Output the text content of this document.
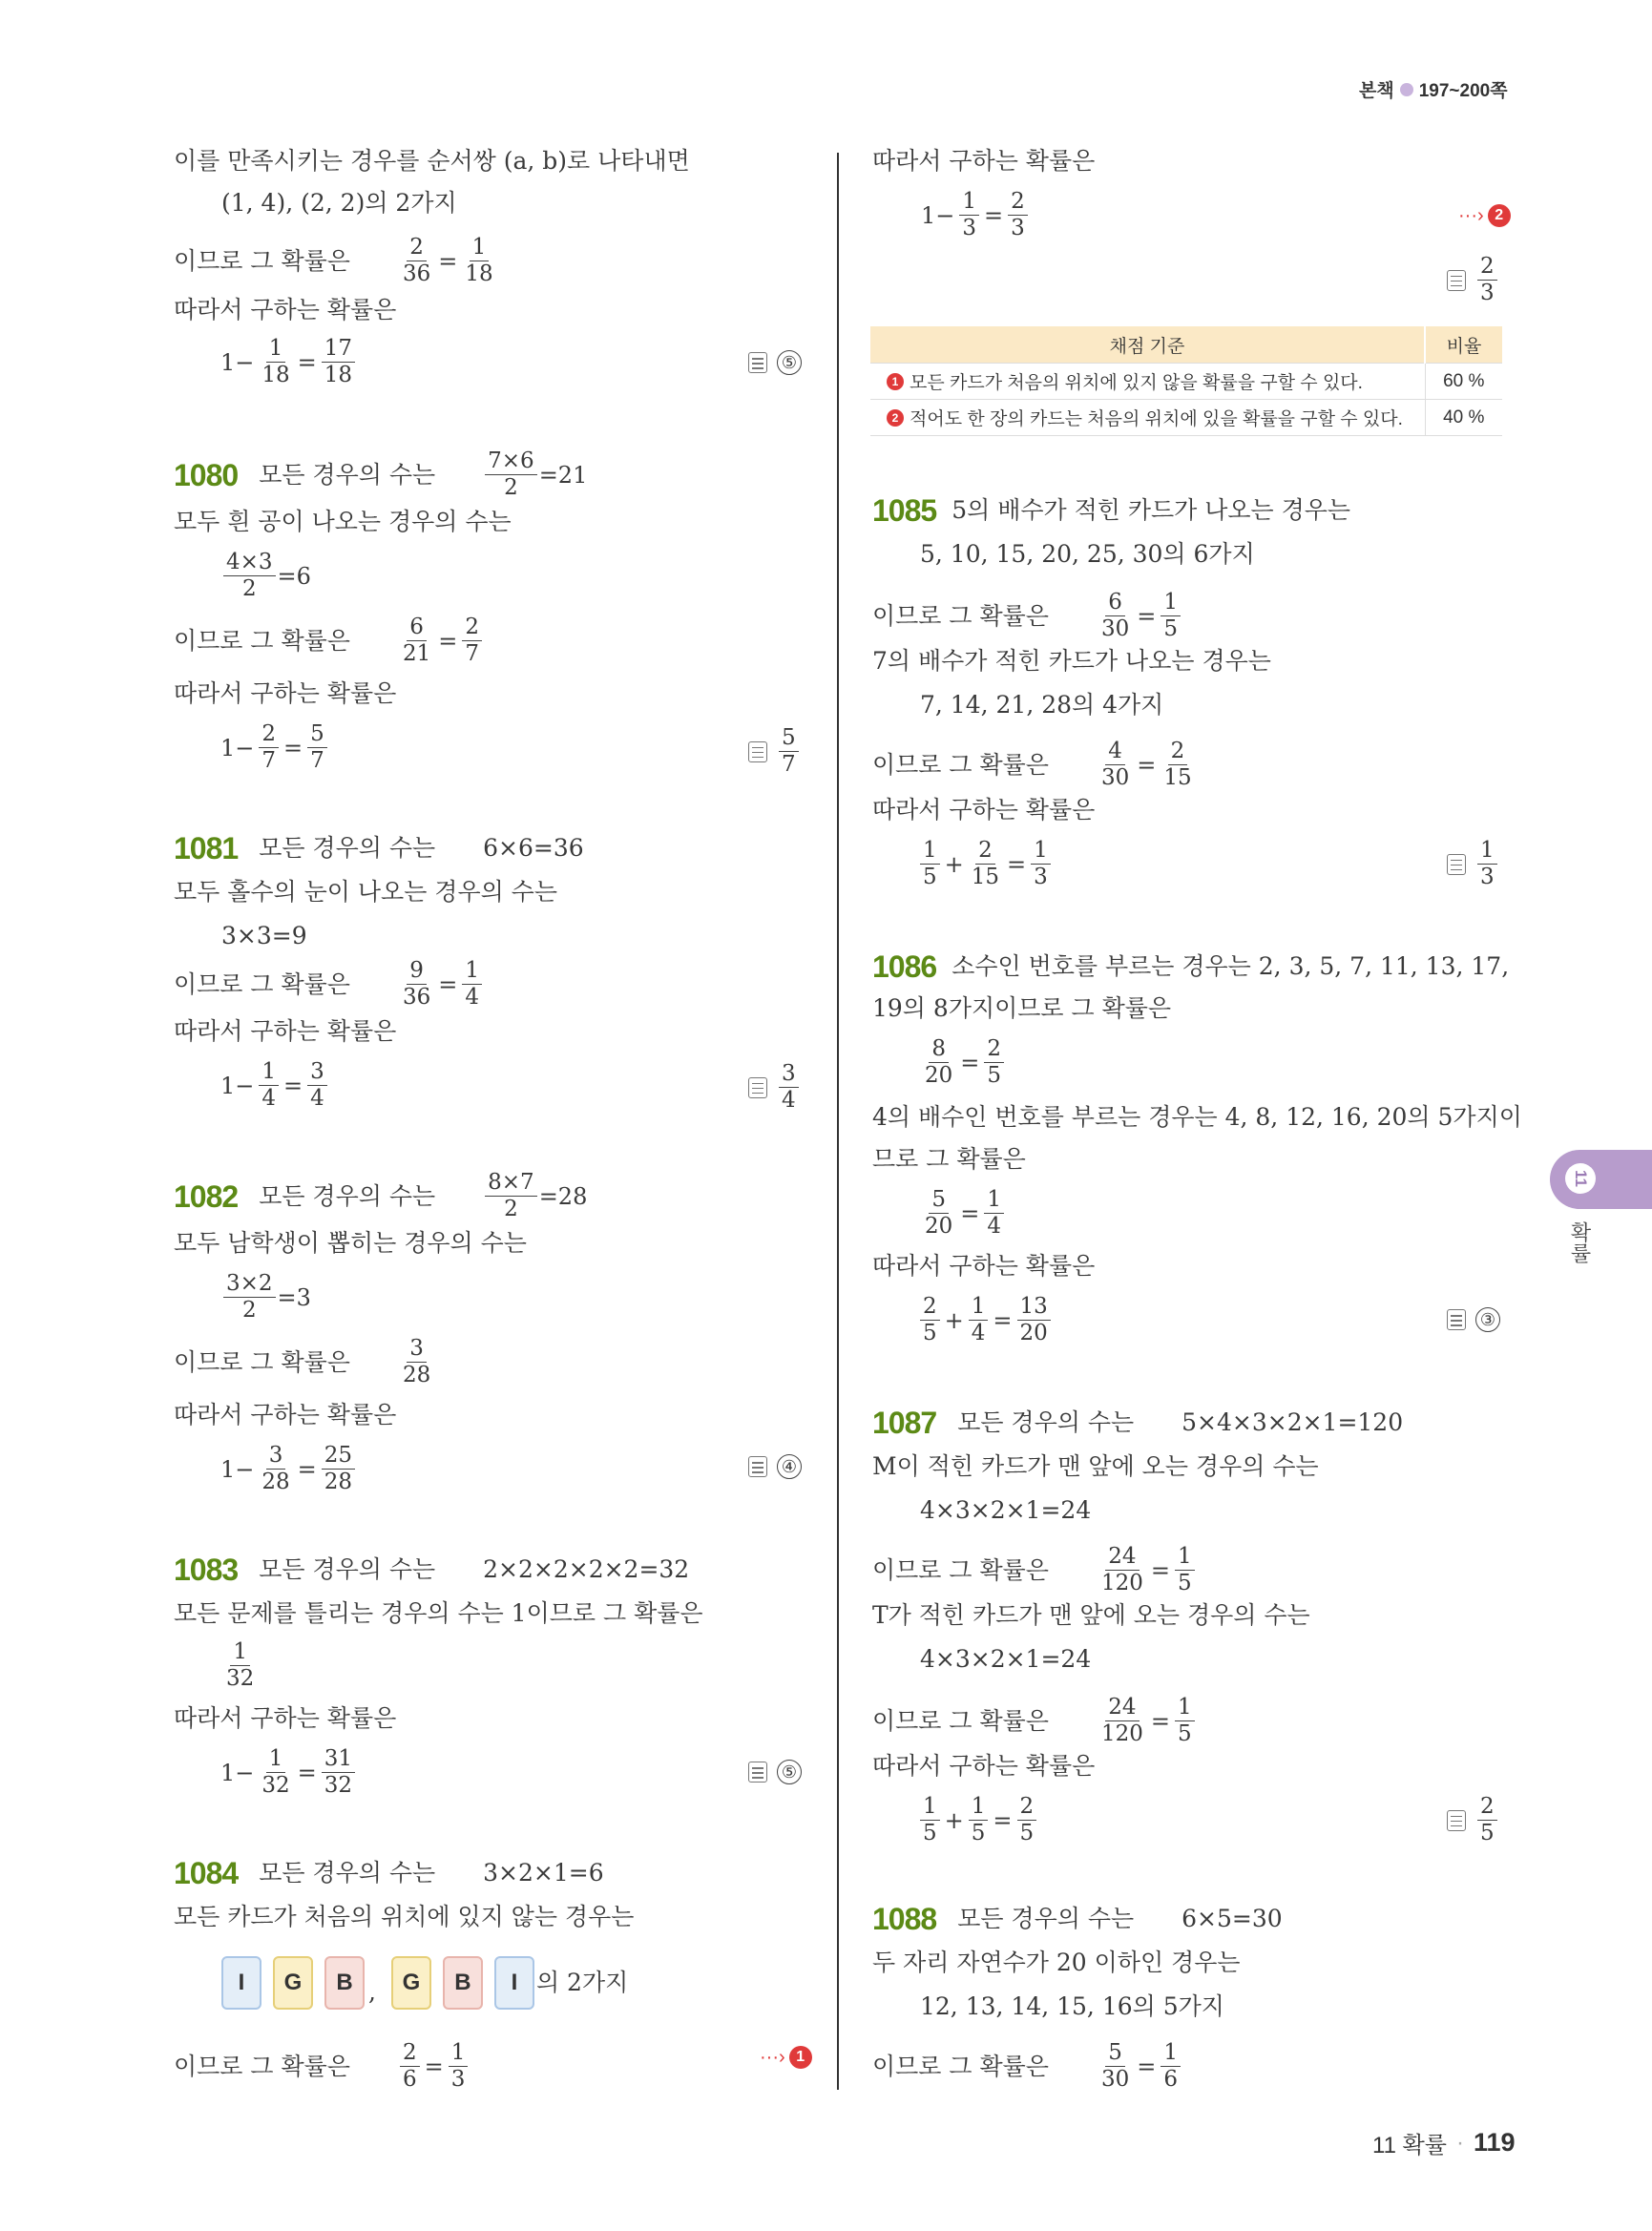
본책 197~200쪽
이를 만족시키는 경우를 순서쌍 (a, b)로 나타내면
(1, 4), (2, 2)의 2가지
이므로 그 확률은 $\frac{2}{36} = \frac{1}{18}$
따라서 구하는 확률은
$1- \frac{1}{18} = \frac{17}{18}$	⑤
1080 모든 경우의 수는 $\frac{7\times 6}{2} =21$
모두 흰 공이 나오는 경우의 수는
$\frac{4\times 3}{2} =6$
이므로 그 확률은 $\frac{6}{21} = \frac{2}{7}$
따라서 구하는 확률은
$1- \frac{2}{7} = \frac{5}{7}$	$\frac{5}{7}$
1081 모든 경우의 수는 6×6=36
모두 홀수의 눈이 나오는 경우의 수는
3×3=9
이므로 그 확률은 $\frac{9}{36} = \frac{1}{4}$
따라서 구하는 확률은
$1- \frac{1}{4} = \frac{3}{4}$	$\frac{3}{4}$
1082 모든 경우의 수는 $\frac{8\times 7}{2} =28$
모두 남학생이 뽑히는 경우의 수는
$\frac{3\times 2}{2} =3$
이므로 그 확률은 $\frac{3}{28}$
따라서 구하는 확률은
$1- \frac{3}{28} = \frac{25}{28}$	④
1083 모든 경우의 수는 2×2×2×2×2=32
모든 문제를 틀리는 경우의 수는 1이므로 그 확률은
$\frac{1}{32}$
따라서 구하는 확률은
$1- \frac{1}{32} = \frac{31}{32}$	⑤
1084 모든 경우의 수는 3×2×1=6
모든 카드가 처음의 위치에 있지 않는 경우는
I	G	B ,	G	B	I 의 2가지
이므로 그 확률은 $\frac{2}{6} = \frac{1}{3}$	···› 1
따라서 구하는 확률은
$1- \frac{1}{3} = \frac{2}{3}$	···› 2
$\frac{2}{3}$
채점 기준	비율

1 모든 카드가 처음의 위치에 있지 않을 확률을 구할 수 있다.	60 %

2 적어도 한 장의 카드는 처음의 위치에 있을 확률을 구할 수 있다.	40 %
1085 5의 배수가 적힌 카드가 나오는 경우는
5, 10, 15, 20, 25, 30의 6가지
이므로 그 확률은 $\frac{6}{30} = \frac{1}{5}$
7의 배수가 적힌 카드가 나오는 경우는
7, 14, 21, 28의 4가지
이므로 그 확률은 $\frac{4}{30} = \frac{2}{15}$
따라서 구하는 확률은
$\frac{1}{5} + \frac{2}{15} = \frac{1}{3}$	$\frac{1}{3}$
1086 소수인 번호를 부르는 경우는 2, 3, 5, 7, 11, 13, 17,
19의 8가지이므로 그 확률은
$\frac{8}{20} = \frac{2}{5}$
4의 배수인 번호를 부르는 경우는 4, 8, 12, 16, 20의 5가지이
므로 그 확률은
$\frac{5}{20} = \frac{1}{4}$
따라서 구하는 확률은
$\frac{2}{5} + \frac{1}{4} = \frac{13}{20}$	③
1087 모든 경우의 수는 5×4×3×2×1=120
M이 적힌 카드가 맨 앞에 오는 경우의 수는
4×3×2×1=24
이므로 그 확률은 $\frac{24}{120} = \frac{1}{5}$
T가 적힌 카드가 맨 앞에 오는 경우의 수는
4×3×2×1=24
이므로 그 확률은 $\frac{24}{120} = \frac{1}{5}$
따라서 구하는 확률은
$\frac{1}{5} + \frac{1}{5} = \frac{2}{5}$	$\frac{2}{5}$
1088 모든 경우의 수는 6×5=30
두 자리 자연수가 20 이하인 경우는
12, 13, 14, 15, 16의 5가지
이므로 그 확률은 $\frac{5}{30} = \frac{1}{6}$
11
확률
11 확률 · 119
